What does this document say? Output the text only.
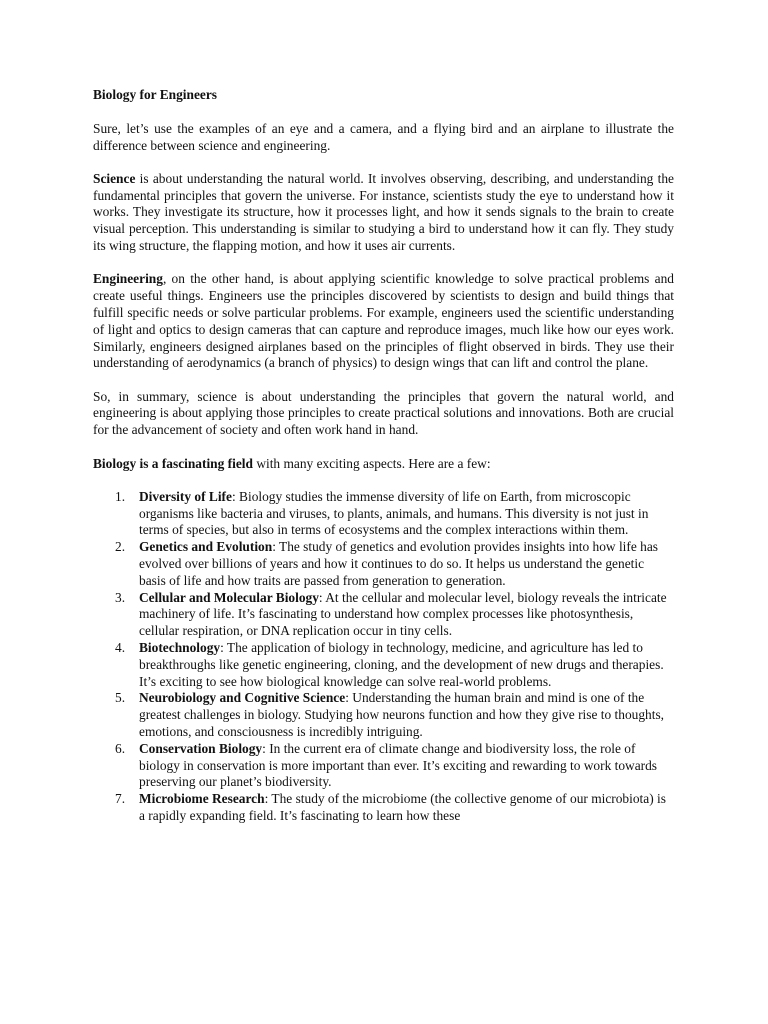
Biology for Engineers

Sure, let’s use the examples of an eye and a camera, and a flying bird and an airplane to illustrate the difference between science and engineering.

Science is about understanding the natural world. It involves observing, describing, and understanding the fundamental principles that govern the universe. For instance, scientists study the eye to understand how it works. They investigate its structure, how it processes light, and how it sends signals to the brain to create visual perception. This understanding is similar to studying a bird to understand how it can fly. They study its wing structure, the flapping motion, and how it uses air currents.

Engineering, on the other hand, is about applying scientific knowledge to solve practical problems and create useful things. Engineers use the principles discovered by scientists to design and build things that fulfill specific needs or solve particular problems. For example, engineers used the scientific understanding of light and optics to design cameras that can capture and reproduce images, much like how our eyes work. Similarly, engineers designed airplanes based on the principles of flight observed in birds. They use their understanding of aerodynamics (a branch of physics) to design wings that can lift and control the plane.

So, in summary, science is about understanding the principles that govern the natural world, and engineering is about applying those principles to create practical solutions and innovations. Both are crucial for the advancement of society and often work hand in hand.

Biology is a fascinating field with many exciting aspects. Here are a few:

1. Diversity of Life: Biology studies the immense diversity of life on Earth, from microscopic organisms like bacteria and viruses, to plants, animals, and humans. This diversity is not just in terms of species, but also in terms of ecosystems and the complex interactions within them.
2. Genetics and Evolution: The study of genetics and evolution provides insights into how life has evolved over billions of years and how it continues to do so. It helps us understand the genetic basis of life and how traits are passed from generation to generation.
3. Cellular and Molecular Biology: At the cellular and molecular level, biology reveals the intricate machinery of life. It’s fascinating to understand how complex processes like photosynthesis, cellular respiration, or DNA replication occur in tiny cells.
4. Biotechnology: The application of biology in technology, medicine, and agriculture has led to breakthroughs like genetic engineering, cloning, and the development of new drugs and therapies. It’s exciting to see how biological knowledge can solve real-world problems.
5. Neurobiology and Cognitive Science: Understanding the human brain and mind is one of the greatest challenges in biology. Studying how neurons function and how they give rise to thoughts, emotions, and consciousness is incredibly intriguing.
6. Conservation Biology: In the current era of climate change and biodiversity loss, the role of biology in conservation is more important than ever. It’s exciting and rewarding to work towards preserving our planet’s biodiversity.
7. Microbiome Research: The study of the microbiome (the collective genome of our microbiota) is a rapidly expanding field. It’s fascinating to learn how these
